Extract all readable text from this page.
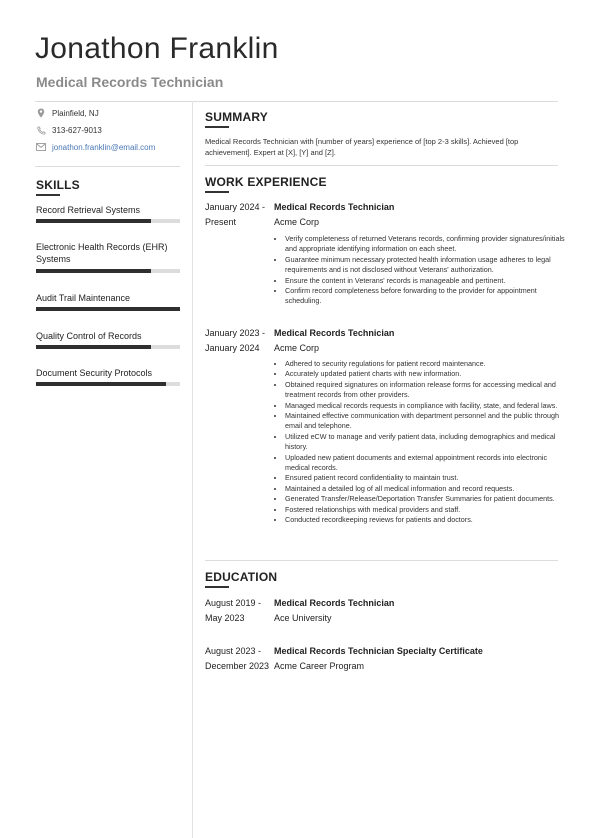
Jonathon Franklin
Medical Records Technician
Plainfield, NJ
313-627-9013
jonathon.franklin@email.com
SKILLS
Record Retrieval Systems
Electronic Health Records (EHR) Systems
Audit Trail Maintenance
Quality Control of Records
Document Security Protocols
SUMMARY
Medical Records Technician with [number of years] experience of [top 2-3 skills]. Achieved [top achievement]. Expert at [X], [Y] and [Z].
WORK EXPERIENCE
January 2024 - Present
Medical Records Technician
Acme Corp
• Verify completeness of returned Veterans records, confirming provider signatures/initials and appropriate identifying information on each sheet.
• Guarantee minimum necessary protected health information usage adheres to legal requirements and is not disclosed without Veterans' authorization.
• Ensure the content in Veterans' records is manageable and pertinent.
• Confirm record completeness before forwarding to the provider for appointment scheduling.
January 2023 - January 2024
Medical Records Technician
Acme Corp
• Adhered to security regulations for patient record maintenance.
• Accurately updated patient charts with new information.
• Obtained required signatures on information release forms for accessing medical and treatment records from other providers.
• Managed medical records requests in compliance with facility, state, and federal laws.
• Maintained effective communication with department personnel and the public through email and telephone.
• Utilized eCW to manage and verify patient data, including demographics and medical history.
• Uploaded new patient documents and external appointment records into electronic medical records.
• Ensured patient record confidentiality to maintain trust.
• Maintained a detailed log of all medical information and record requests.
• Generated Transfer/Release/Deportation Transfer Summaries for patient documents.
• Fostered relationships with medical providers and staff.
• Conducted recordkeeping reviews for patients and doctors.
EDUCATION
August 2019 - May 2023
Medical Records Technician
Ace University
August 2023 - December 2023
Medical Records Technician Specialty Certificate
Acme Career Program
